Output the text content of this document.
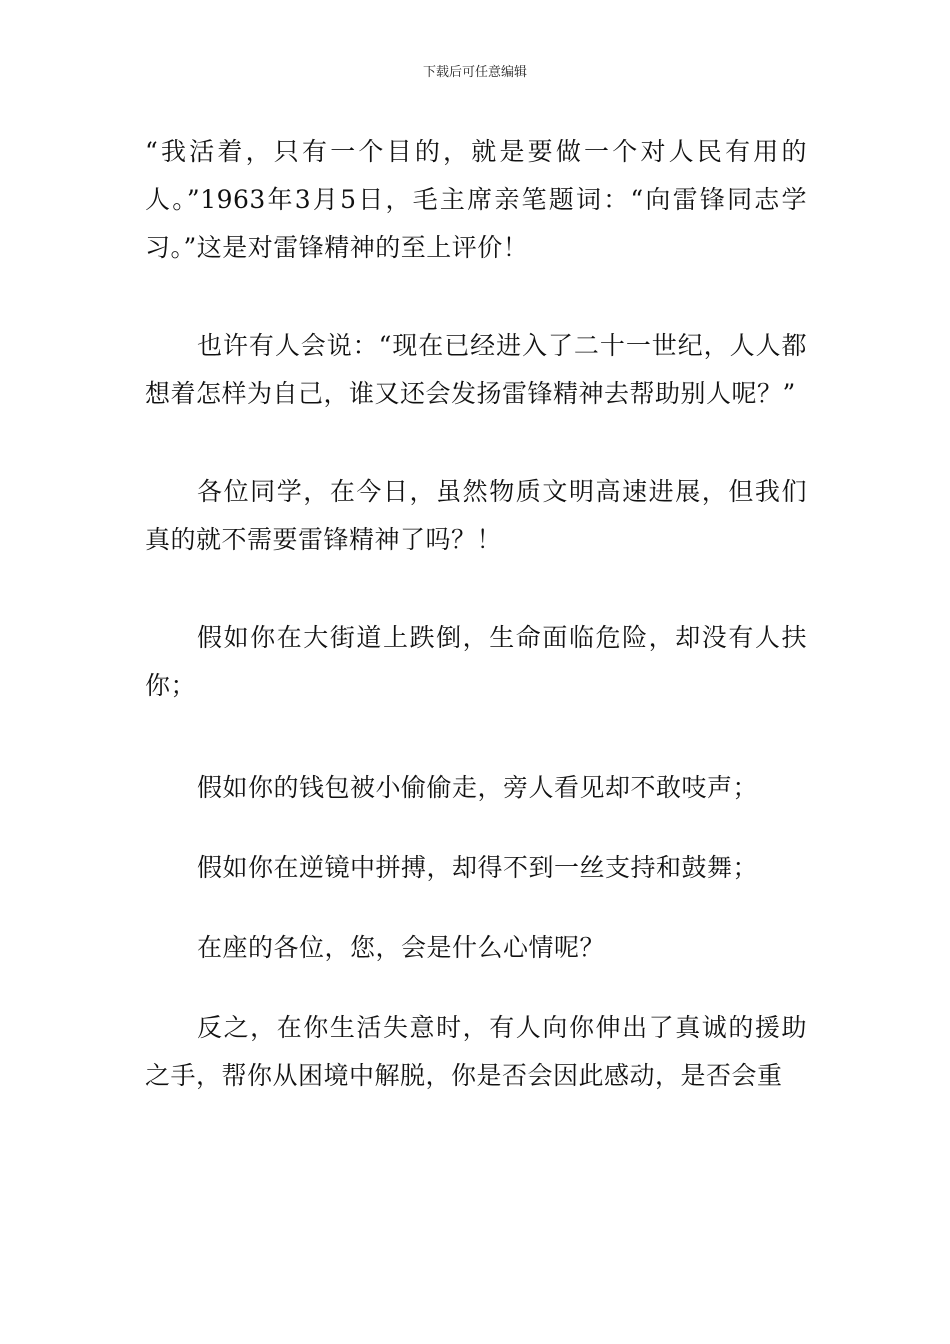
下载后可任意编辑

“我活着，只有一个目的，就是要做一个对人民有用的人。”1963年3月5日，毛主席亲笔题词：“向雷锋同志学习。”这是对雷锋精神的至上评价！

也许有人会说：“现在已经进入了二十一世纪，人人都想着怎样为自己，谁又还会发扬雷锋精神去帮助别人呢？”

各位同学，在今日，虽然物质文明高速进展，但我们真的就不需要雷锋精神了吗？！

假如你在大街道上跌倒，生命面临危险，却没有人扶你；

假如你的钱包被小偷偷走，旁人看见却不敢吱声；

假如你在逆镜中拼搏，却得不到一丝支持和鼓舞；

在座的各位，您，会是什么心情呢？

反之，在你生活失意时，有人向你伸出了真诚的援助之手，帮你从困境中解脱，你是否会因此感动，是否会重
